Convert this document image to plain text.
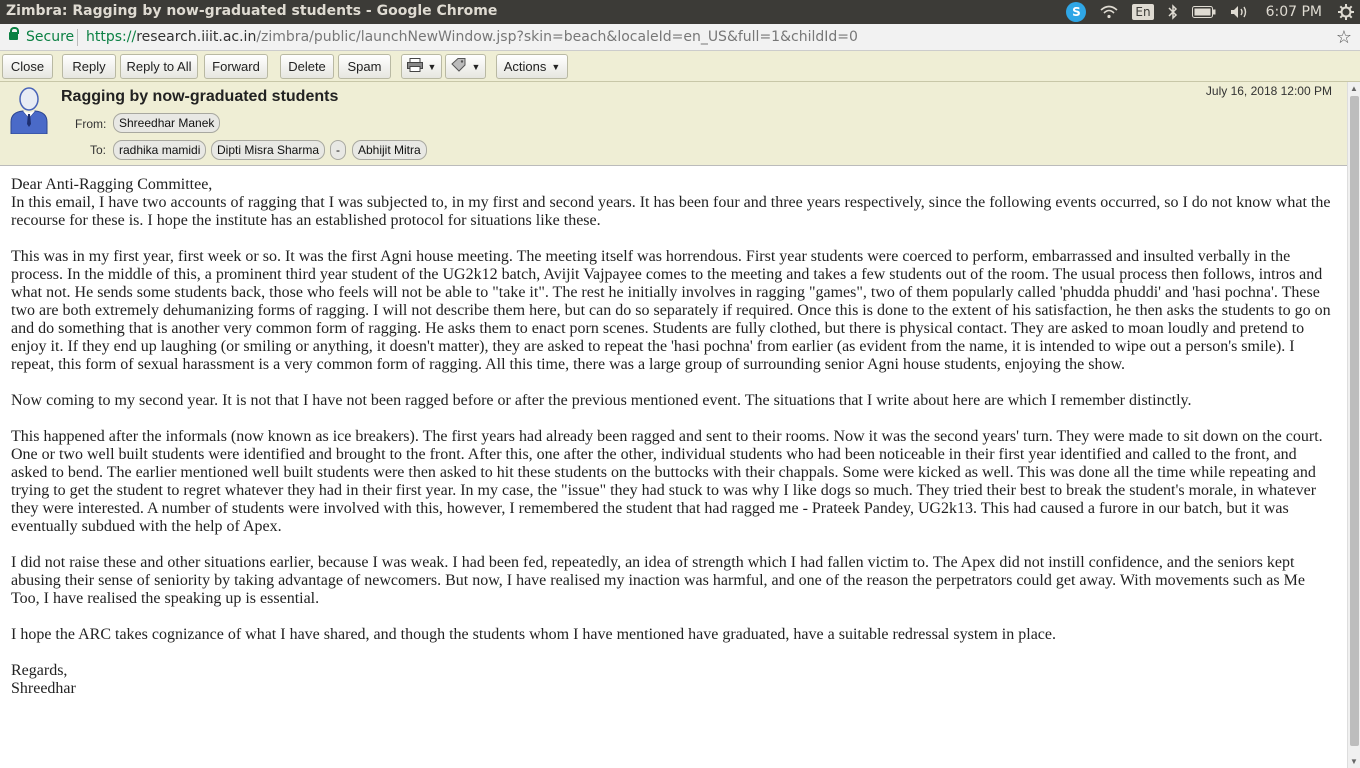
Zimbra: Ragging by now-graduated students - Google Chrome	S	En	6:07 PM
Secure https://research.iiit.ac.in/zimbra/public/launchNewWindow.jsp?skin=beach&localeId=en_US&full=1&childId=0	☆
Close	Reply	Reply to All	Forward	Delete	Spam	▼	▼ Actions ▼
Ragging by now-graduated students	July 16, 2018 12:00 PM
From:	Shreedhar Manek
To:	radhika mamidi	Dipti Misra Sharma	-	Abhijit Mitra

Dear Anti-Ragging Committee,
In this email, I have two accounts of ragging that I was subjected to, in my first and second years. It has been four and three years respectively, since the following events occurred, so I do not know what the recourse for these is. I hope the institute has an established protocol for situations like these.

This was in my first year, first week or so. It was the first Agni house meeting. The meeting itself was horrendous. First year students were coerced to perform, embarrassed and insulted verbally in the process. In the middle of this, a prominent third year student of the UG2k12 batch, Avijit Vajpayee comes to the meeting and takes a few students out of the room. The usual process then follows, intros and what not. He sends some students back, those who feels will not be able to "take it". The rest he initially involves in ragging "games", two of them popularly called 'phudda phuddi' and 'hasi pochna'. These two are both extremely dehumanizing forms of ragging. I will not describe them here, but can do so separately if required. Once this is done to the extent of his satisfaction, he then asks the students to go on and do something that is another very common form of ragging. He asks them to enact porn scenes. Students are fully clothed, but there is physical contact. They are asked to moan loudly and pretend to enjoy it. If they end up laughing (or smiling or anything, it doesn't matter), they are asked to repeat the 'hasi pochna' from earlier (as evident from the name, it is intended to wipe out a person's smile). I repeat, this form of sexual harassment is a very common form of ragging. All this time, there was a large group of surrounding senior Agni house students, enjoying the show.

Now coming to my second year. It is not that I have not been ragged before or after the previous mentioned event. The situations that I write about here are which I remember distinctly.

This happened after the informals (now known as ice breakers). The first years had already been ragged and sent to their rooms. Now it was the second years' turn. They were made to sit down on the court. One or two well built students were identified and brought to the front. After this, one after the other, individual students who had been noticeable in their first year identified and called to the front, and asked to bend. The earlier mentioned well built students were then asked to hit these students on the buttocks with their chappals. Some were kicked as well. This was done all the time while repeating and trying to get the student to regret whatever they had in their first year. In my case, the "issue" they had stuck to was why I like dogs so much. They tried their best to break the student's morale, in whatever they were interested. A number of students were involved with this, however, I remembered the student that had ragged me - Prateek Pandey, UG2k13. This had caused a furore in our batch, but it was eventually subdued with the help of Apex.

I did not raise these and other situations earlier, because I was weak. I had been fed, repeatedly, an idea of strength which I had fallen victim to. The Apex did not instill confidence, and the seniors kept abusing their sense of seniority by taking advantage of newcomers. But now, I have realised my inaction was harmful, and one of the reason the perpetrators could get away. With movements such as Me Too, I have realised the speaking up is essential.

I hope the ARC takes cognizance of what I have shared, and though the students whom I have mentioned have graduated, have a suitable redressal system in place.

Regards,
Shreedhar

▲
▼
